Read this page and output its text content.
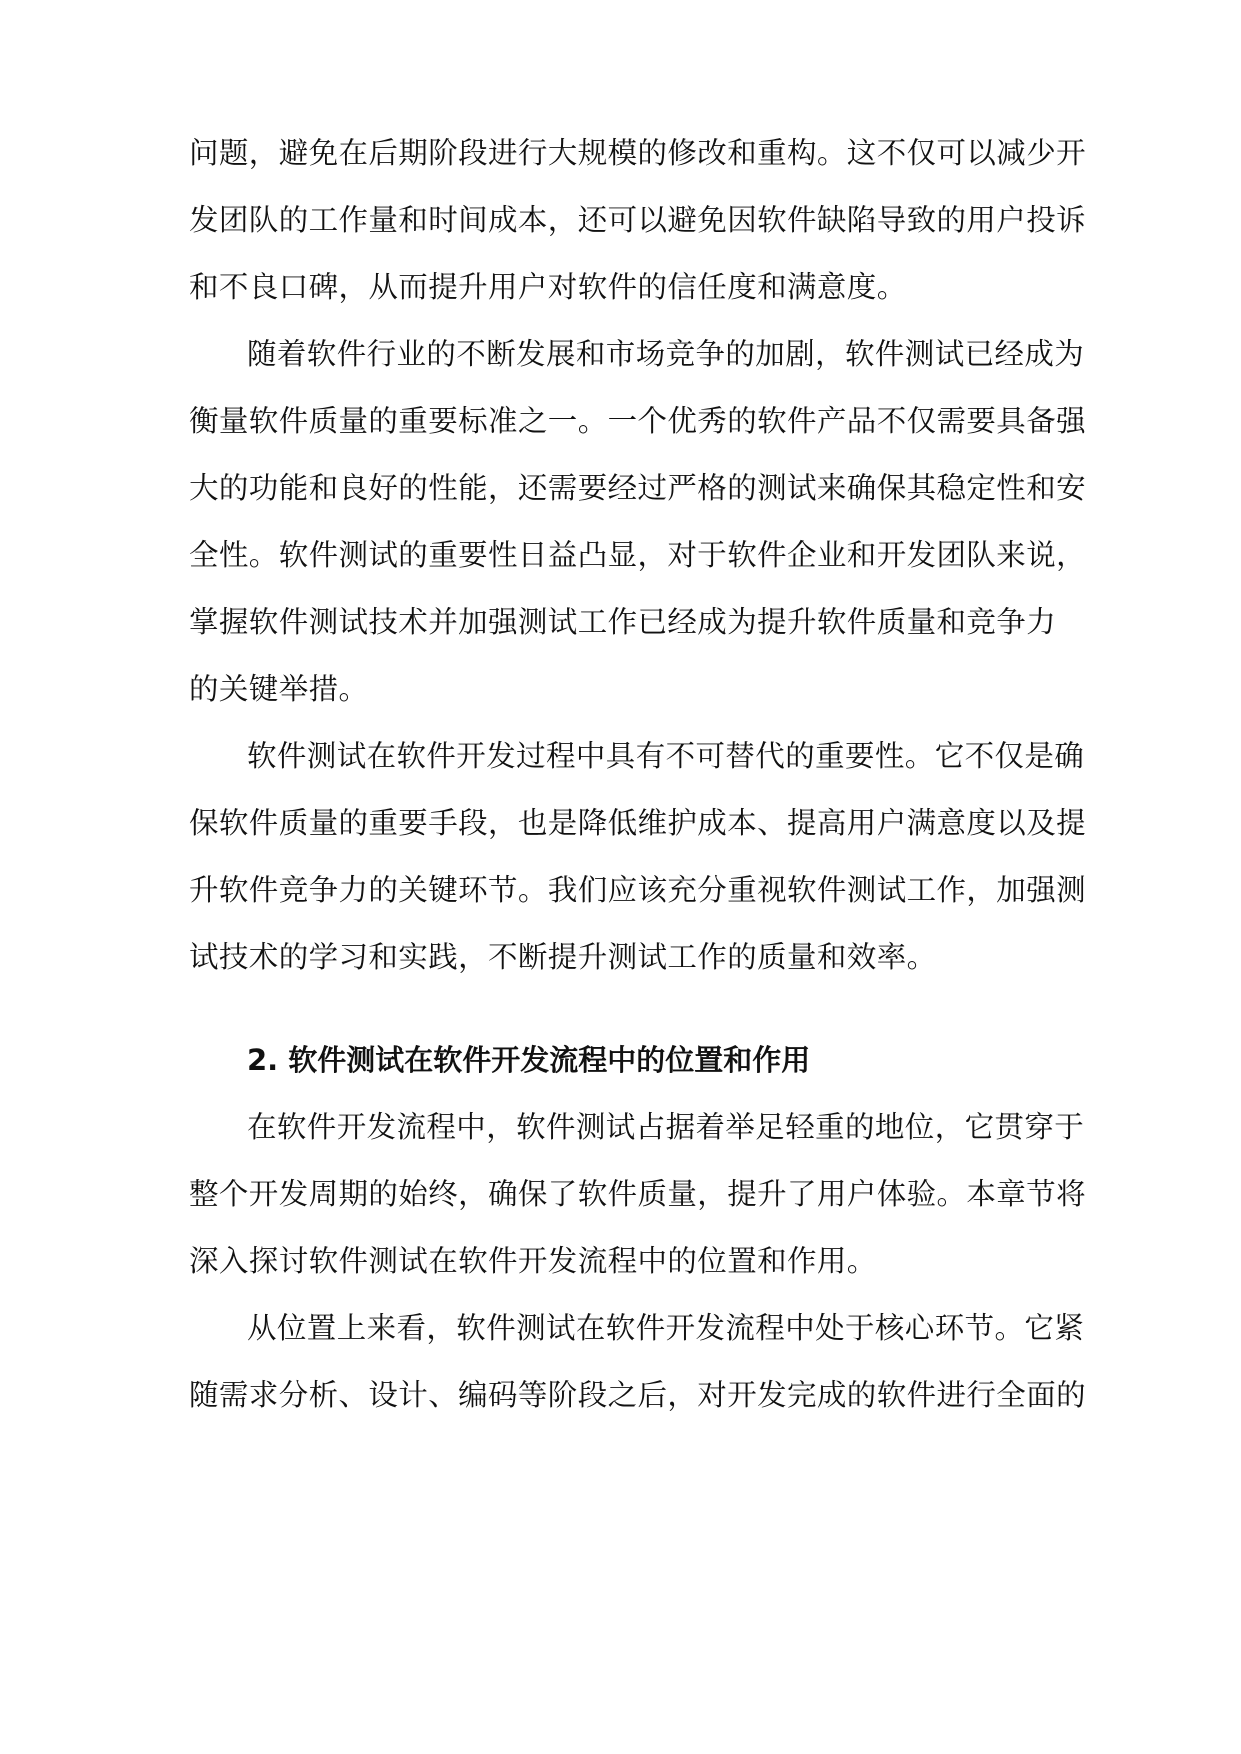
问题，避免在后期阶段进行大规模的修改和重构。这不仅可以减少开
发团队的工作量和时间成本，还可以避免因软件缺陷导致的用户投诉
和不良口碑，从而提升用户对软件的信任度和满意度。
随着软件行业的不断发展和市场竞争的加剧，软件测试已经成为
衡量软件质量的重要标准之一。一个优秀的软件产品不仅需要具备强
大的功能和良好的性能，还需要经过严格的测试来确保其稳定性和安
全性。软件测试的重要性日益凸显，对于软件企业和开发团队来说，
掌握软件测试技术并加强测试工作已经成为提升软件质量和竞争力
的关键举措。
软件测试在软件开发过程中具有不可替代的重要性。它不仅是确
保软件质量的重要手段，也是降低维护成本、提高用户满意度以及提
升软件竞争力的关键环节。我们应该充分重视软件测试工作，加强测
试技术的学习和实践，不断提升测试工作的质量和效率。
2. 软件测试在软件开发流程中的位置和作用
在软件开发流程中，软件测试占据着举足轻重的地位，它贯穿于
整个开发周期的始终，确保了软件质量，提升了用户体验。本章节将
深入探讨软件测试在软件开发流程中的位置和作用。
从位置上来看，软件测试在软件开发流程中处于核心环节。它紧
随需求分析、设计、编码等阶段之后，对开发完成的软件进行全面的
